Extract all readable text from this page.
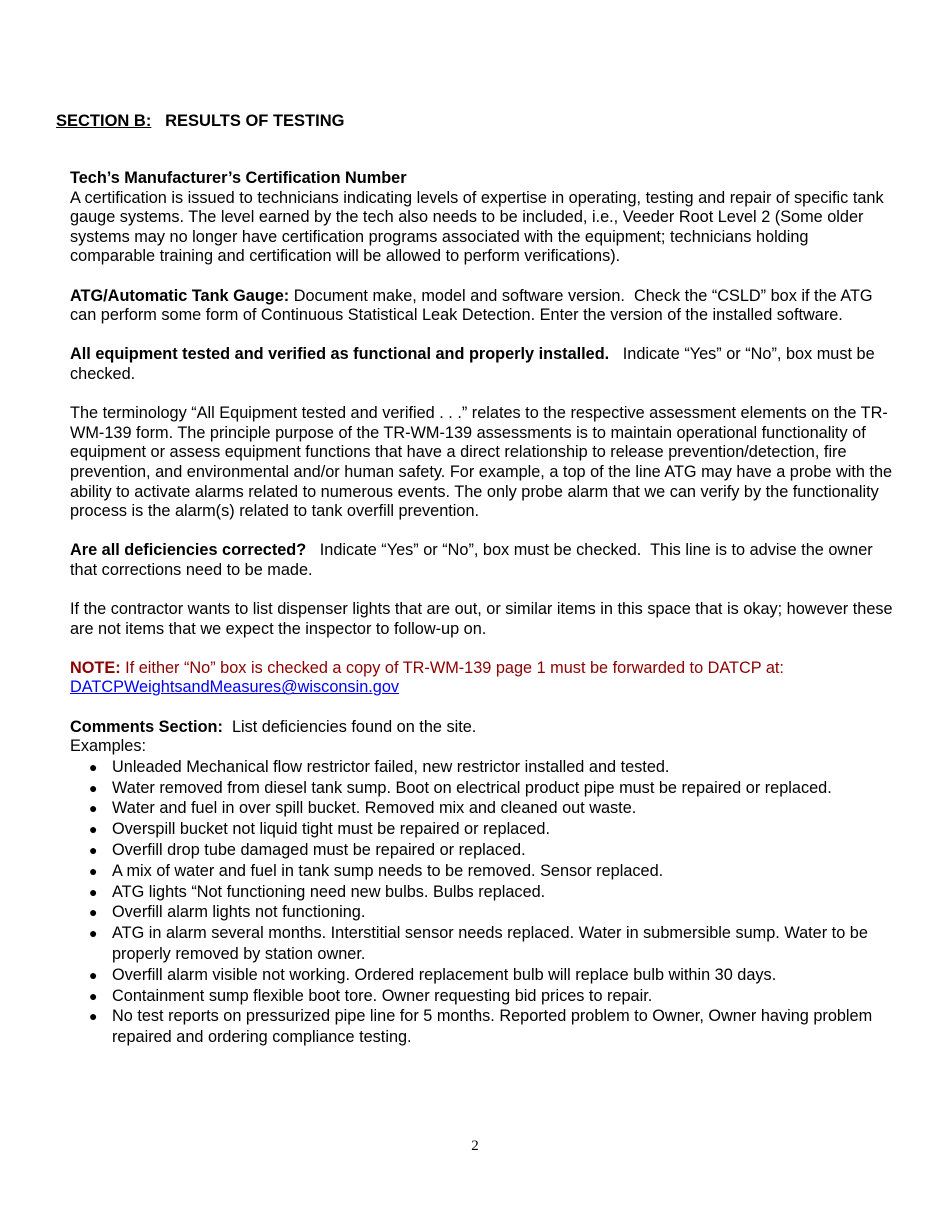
SECTION B: RESULTS OF TESTING

Tech’s Manufacturer’s Certification Number
A certification is issued to technicians indicating levels of expertise in operating, testing and repair of specific tank gauge systems. The level earned by the tech also needs to be included, i.e., Veeder Root Level 2 (Some older systems may no longer have certification programs associated with the equipment; technicians holding comparable training and certification will be allowed to perform verifications).

ATG/Automatic Tank Gauge: Document make, model and software version.  Check the “CSLD” box if the ATG can perform some form of Continuous Statistical Leak Detection. Enter the version of the installed software.

All equipment tested and verified as functional and properly installed.   Indicate “Yes” or “No”, box must be checked.

The terminology “All Equipment tested and verified . . .” relates to the respective assessment elements on the TR-WM-139 form. The principle purpose of the TR-WM-139 assessments is to maintain operational functionality of equipment or assess equipment functions that have a direct relationship to release prevention/detection, fire prevention, and environmental and/or human safety. For example, a top of the line ATG may have a probe with the ability to activate alarms related to numerous events. The only probe alarm that we can verify by the functionality process is the alarm(s) related to tank overfill prevention.

Are all deficiencies corrected?   Indicate “Yes” or “No”, box must be checked.  This line is to advise the owner that corrections need to be made.

If the contractor wants to list dispenser lights that are out, or similar items in this space that is okay; however these are not items that we expect the inspector to follow-up on.

NOTE: If either “No” box is checked a copy of TR-WM-139 page 1 must be forwarded to DATCP at:
DATCPWeightsandMeasures@wisconsin.gov

Comments Section:  List deficiencies found on the site.
Examples:
● Unleaded Mechanical flow restrictor failed, new restrictor installed and tested.
● Water removed from diesel tank sump. Boot on electrical product pipe must be repaired or replaced.
● Water and fuel in over spill bucket. Removed mix and cleaned out waste.
● Overspill bucket not liquid tight must be repaired or replaced.
● Overfill drop tube damaged must be repaired or replaced.
● A mix of water and fuel in tank sump needs to be removed. Sensor replaced.
● ATG lights “Not functioning need new bulbs. Bulbs replaced.
● Overfill alarm lights not functioning.
● ATG in alarm several months. Interstitial sensor needs replaced. Water in submersible sump. Water to be properly removed by station owner.
● Overfill alarm visible not working. Ordered replacement bulb will replace bulb within 30 days.
● Containment sump flexible boot tore. Owner requesting bid prices to repair.
● No test reports on pressurized pipe line for 5 months. Reported problem to Owner, Owner having problem repaired and ordering compliance testing.
2
